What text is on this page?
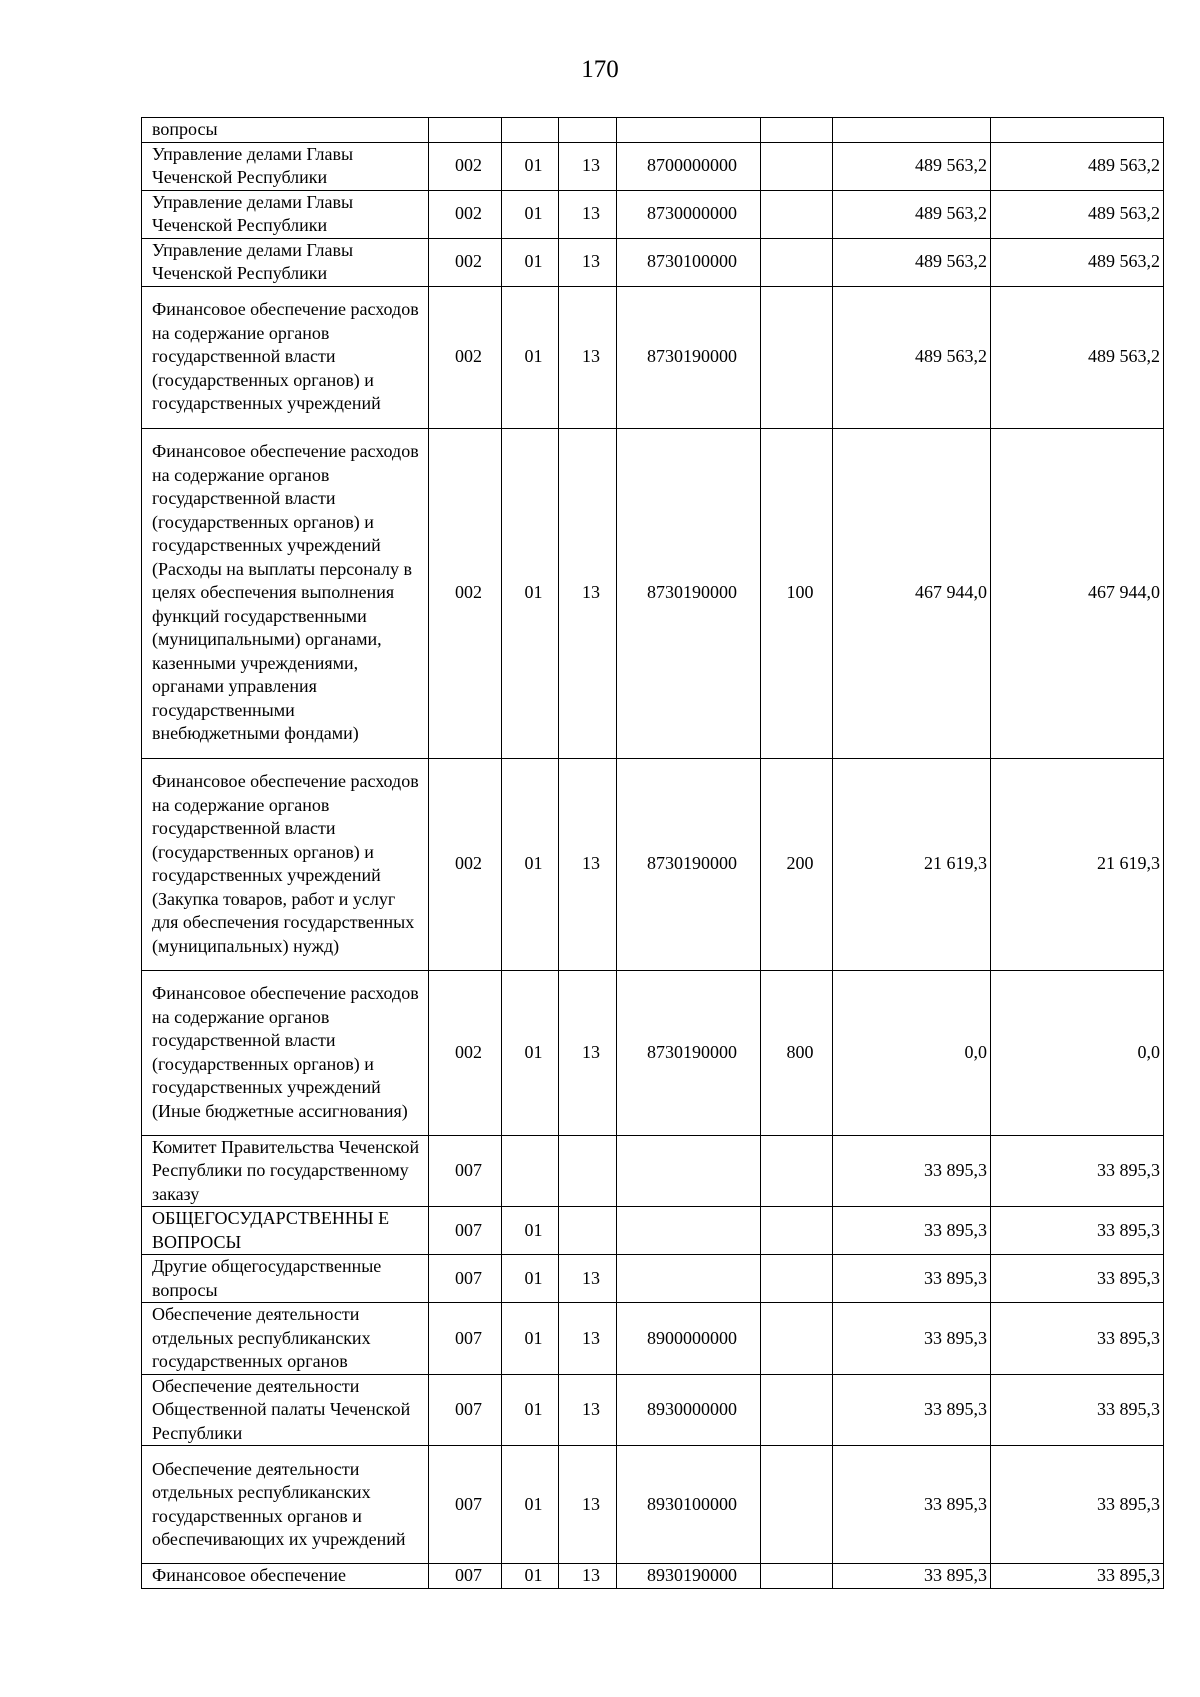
170
вопросы							
Управление делами Главы Чеченской Республики	002	01	13	8700000000		489 563,2	489 563,2
Управление делами Главы Чеченской Республики	002	01	13	8730000000		489 563,2	489 563,2
Управление делами Главы Чеченской Республики	002	01	13	8730100000		489 563,2	489 563,2
Финансовое обеспечение расходов на содержание органов государственной власти (государственных органов) и государственных учреждений	002	01	13	8730190000		489 563,2	489 563,2
Финансовое обеспечение расходов на содержание органов государственной власти (государственных органов) и государственных учреждений (Расходы на выплаты персоналу в целях обеспечения выполнения функций государственными (муниципальными) органами, казенными учреждениями, органами управления государственными внебюджетными фондами)	002	01	13	8730190000	100	467 944,0	467 944,0
Финансовое обеспечение расходов на содержание органов государственной власти (государственных органов) и государственных учреждений (Закупка товаров, работ и услуг для обеспечения государственных (муниципальных) нужд)	002	01	13	8730190000	200	21 619,3	21 619,3
Финансовое обеспечение расходов на содержание органов государственной власти (государственных органов) и государственных учреждений (Иные бюджетные ассигнования)	002	01	13	8730190000	800	0,0	0,0
Комитет Правительства Чеченской Республики по государственному заказу	007					33 895,3	33 895,3
ОБЩЕГОСУДАРСТВЕННЫ Е ВОПРОСЫ	007	01				33 895,3	33 895,3
Другие общегосударственные вопросы	007	01	13			33 895,3	33 895,3
Обеспечение деятельности отдельных республиканских государственных органов	007	01	13	8900000000		33 895,3	33 895,3
Обеспечение деятельности Общественной палаты Чеченской Республики	007	01	13	8930000000		33 895,3	33 895,3
Обеспечение деятельности отдельных республиканских государственных органов и обеспечивающих их учреждений	007	01	13	8930100000		33 895,3	33 895,3
Финансовое обеспечение	007	01	13	8930190000		33 895,3	33 895,3
